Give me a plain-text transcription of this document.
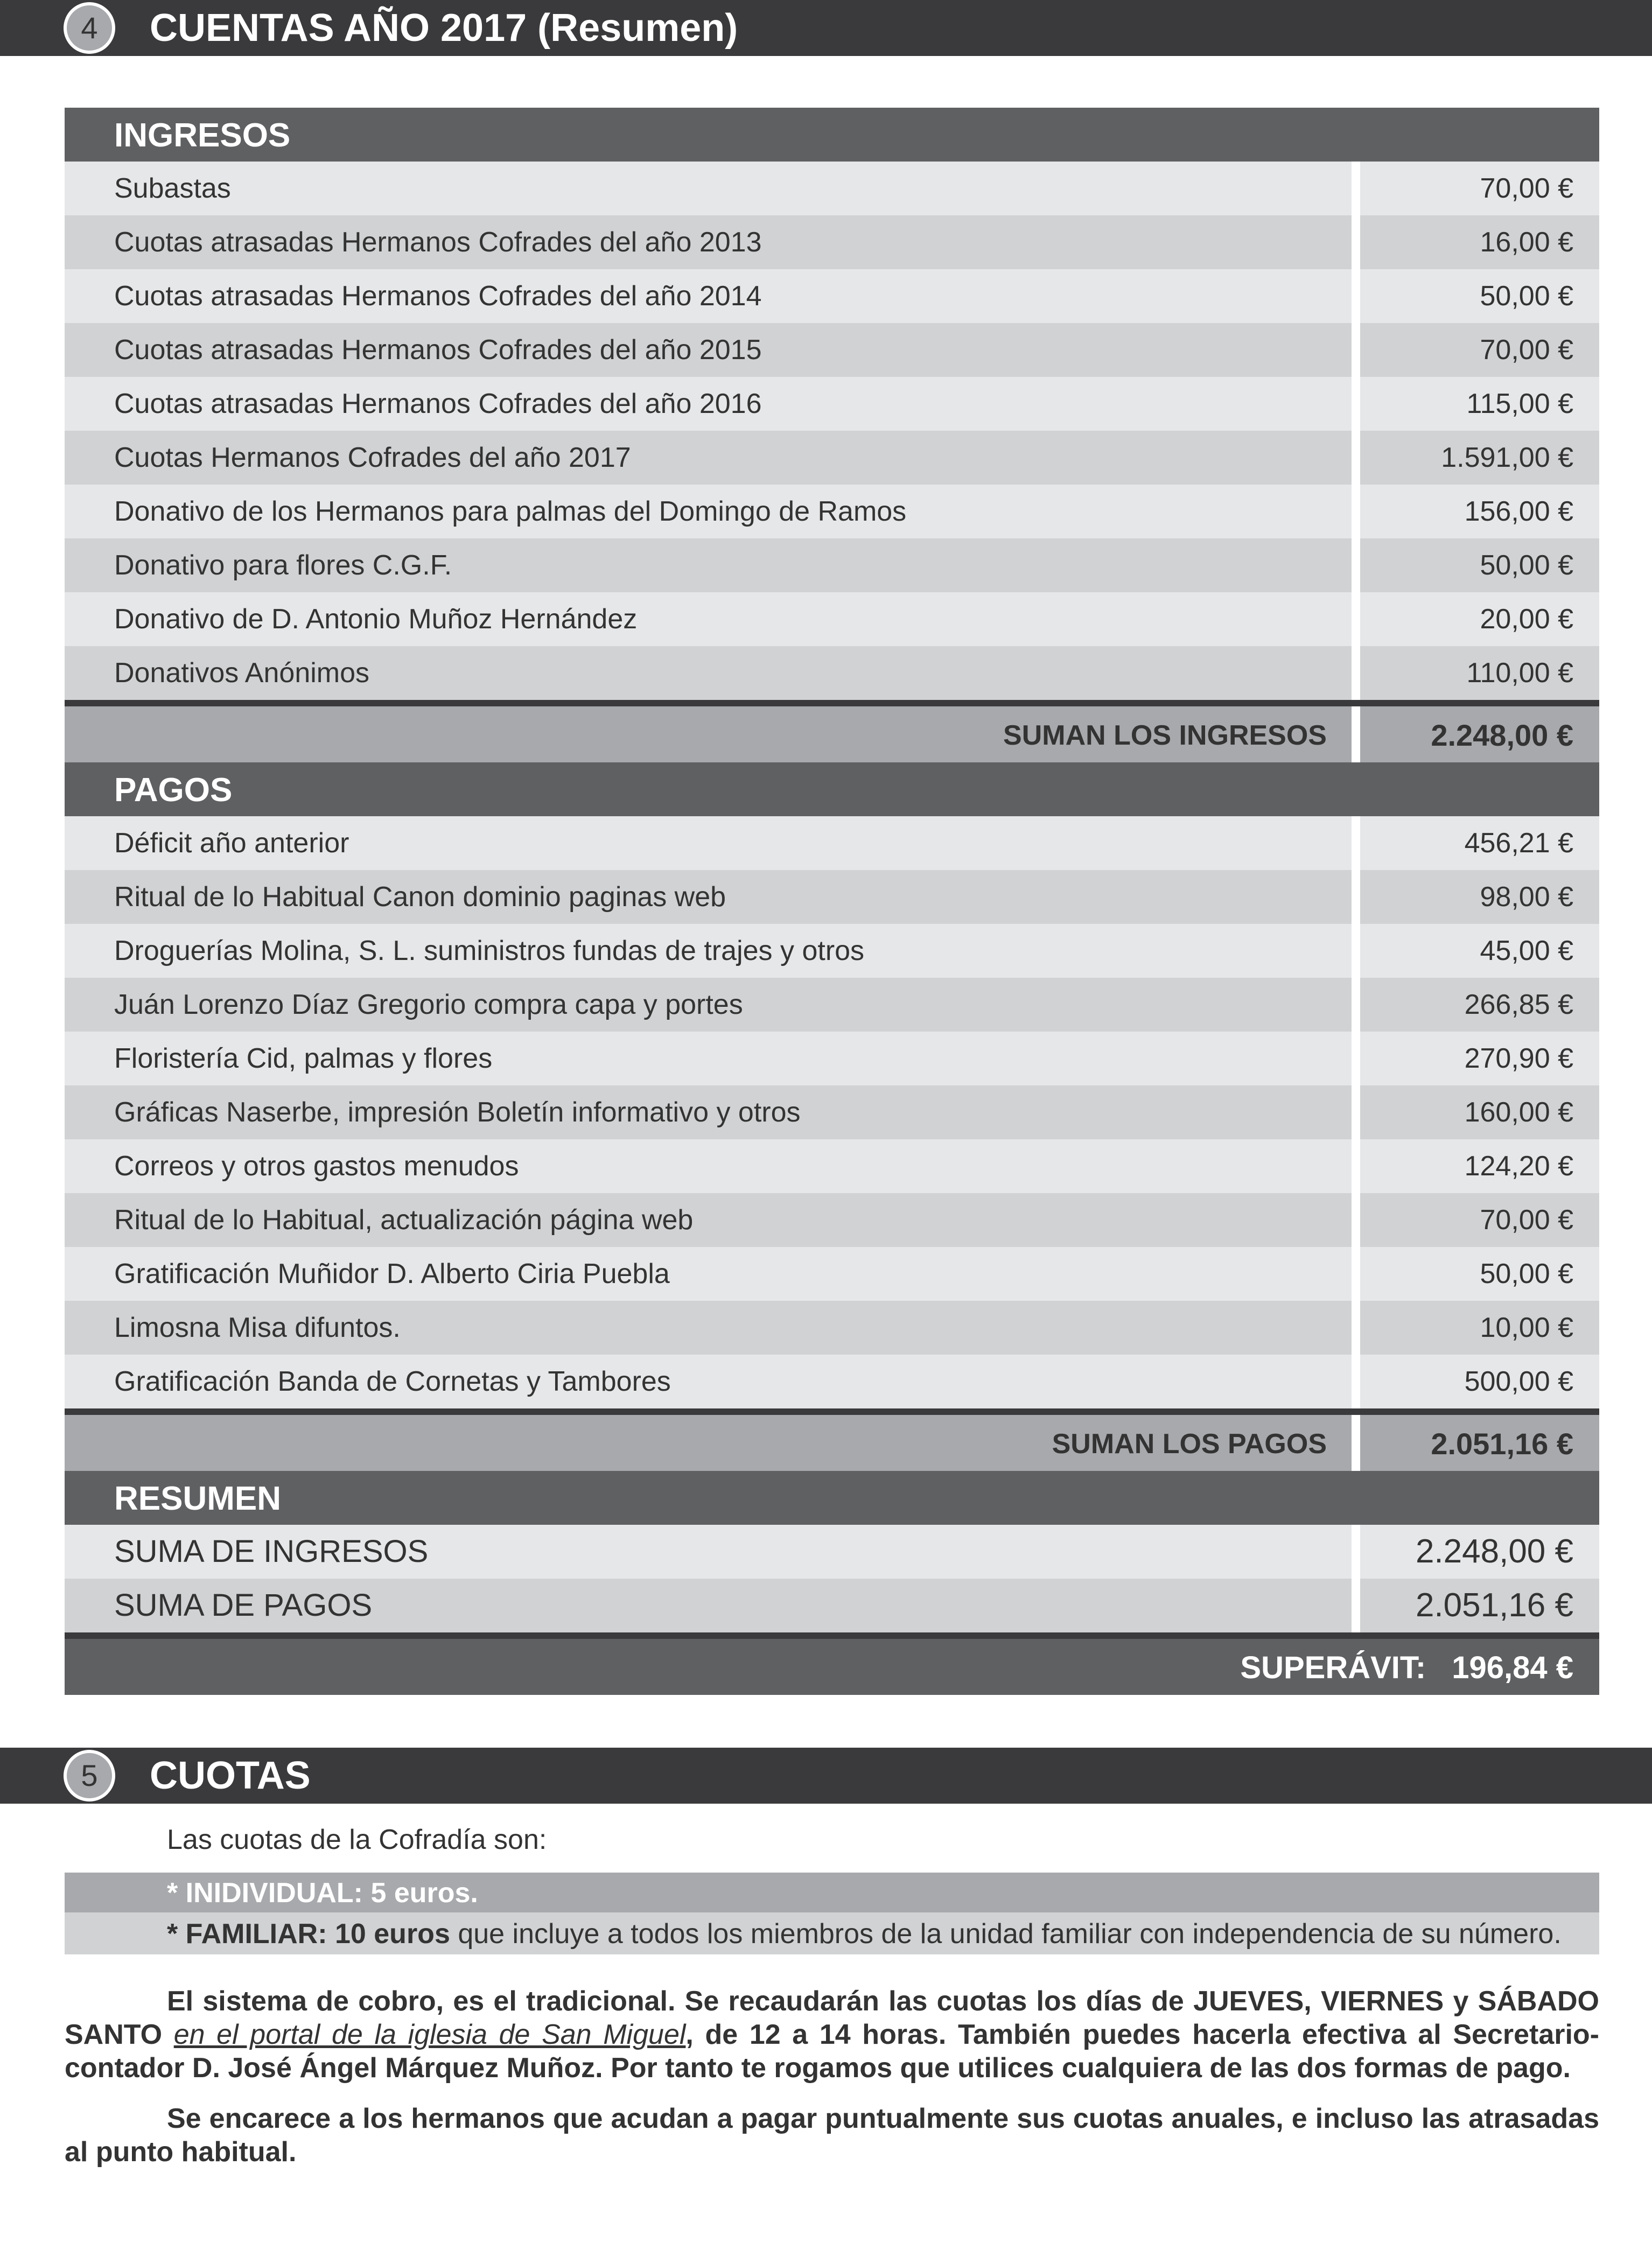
4	CUENTAS AÑO 2017 (Resumen)
INGRESOS
Subastas	70,00 €
Cuotas atrasadas Hermanos Cofrades del año 2013	16,00 €
Cuotas atrasadas Hermanos Cofrades del año 2014	50,00 €
Cuotas atrasadas Hermanos Cofrades del año 2015	70,00 €
Cuotas atrasadas Hermanos Cofrades del año 2016	115,00 €
Cuotas Hermanos Cofrades del año 2017	1.591,00 €
Donativo de los Hermanos para palmas del Domingo de Ramos	156,00 €
Donativo para flores C.G.F.	50,00 €
Donativo de D. Antonio Muñoz Hernández	20,00 €
Donativos Anónimos	110,00 €
SUMAN LOS INGRESOS	2.248,00 €
PAGOS
Déficit año anterior	456,21 €
Ritual de lo Habitual Canon dominio paginas web	98,00 €
Droguerías Molina, S. L. suministros fundas de trajes y otros	45,00 €
Juán Lorenzo Díaz Gregorio compra capa y portes	266,85 €
Floristería Cid, palmas y flores	270,90 €
Gráficas Naserbe, impresión Boletín informativo y otros	160,00 €
Correos y otros gastos menudos	124,20 €
Ritual de lo Habitual, actualización página web	70,00 €
Gratificación Muñidor D. Alberto Ciria Puebla	50,00 €
Limosna Misa difuntos.	10,00 €
Gratificación Banda de Cornetas y Tambores	500,00 €
SUMAN LOS PAGOS	2.051,16 €
RESUMEN
SUMA DE INGRESOS	2.248,00 €
SUMA DE PAGOS	2.051,16 €
SUPERÁVIT: 196,84 €
5	CUOTAS
Las cuotas de la Cofradía son:
* INIDIVIDUAL: 5 euros.
* FAMILIAR: 10 euros que incluye a todos los miembros de la unidad familiar con independencia de su número.
El sistema de cobro, es el tradicional. Se recaudarán las cuotas los días de JUEVES, VIERNES y SÁBADO SANTO en el portal de la iglesia de San Miguel, de 12 a 14 horas. También puedes hacerla efectiva al Secretario-contador D. José Ángel Márquez Muñoz. Por tanto te rogamos que utilices cualquiera de las dos formas de pago.
Se encarece a los hermanos que acudan a pagar puntualmente sus cuotas anuales, e incluso las atrasadas al punto habitual.
